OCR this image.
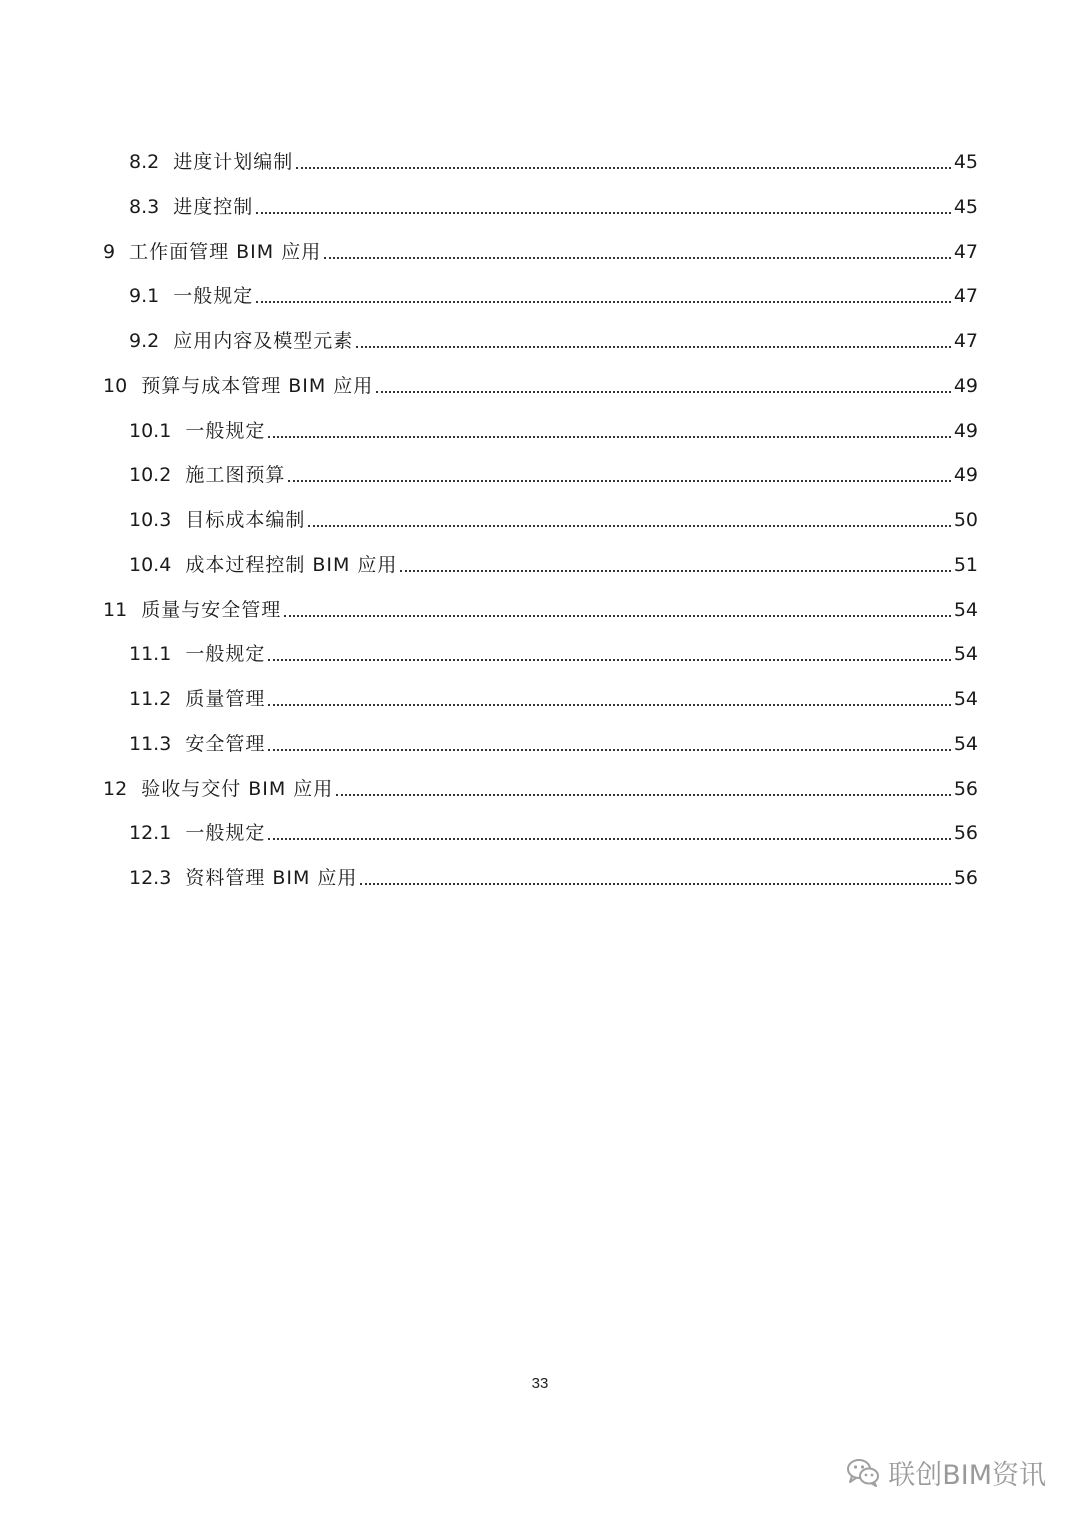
8.2 进度计划编制	45
8.3 进度控制	45
9 工作面管理 BIM 应用	47
9.1 一般规定	47
9.2 应用内容及模型元素	47
10 预算与成本管理 BIM 应用	49
10.1 一般规定	49
10.2 施工图预算	49
10.3 目标成本编制	50
10.4 成本过程控制 BIM 应用	51
11 质量与安全管理	54
11.1 一般规定	54
11.2 质量管理	54
11.3 安全管理	54
12 验收与交付 BIM 应用	56
12.1 一般规定	56
12.3 资料管理 BIM 应用	56
33
联创BIM资讯
